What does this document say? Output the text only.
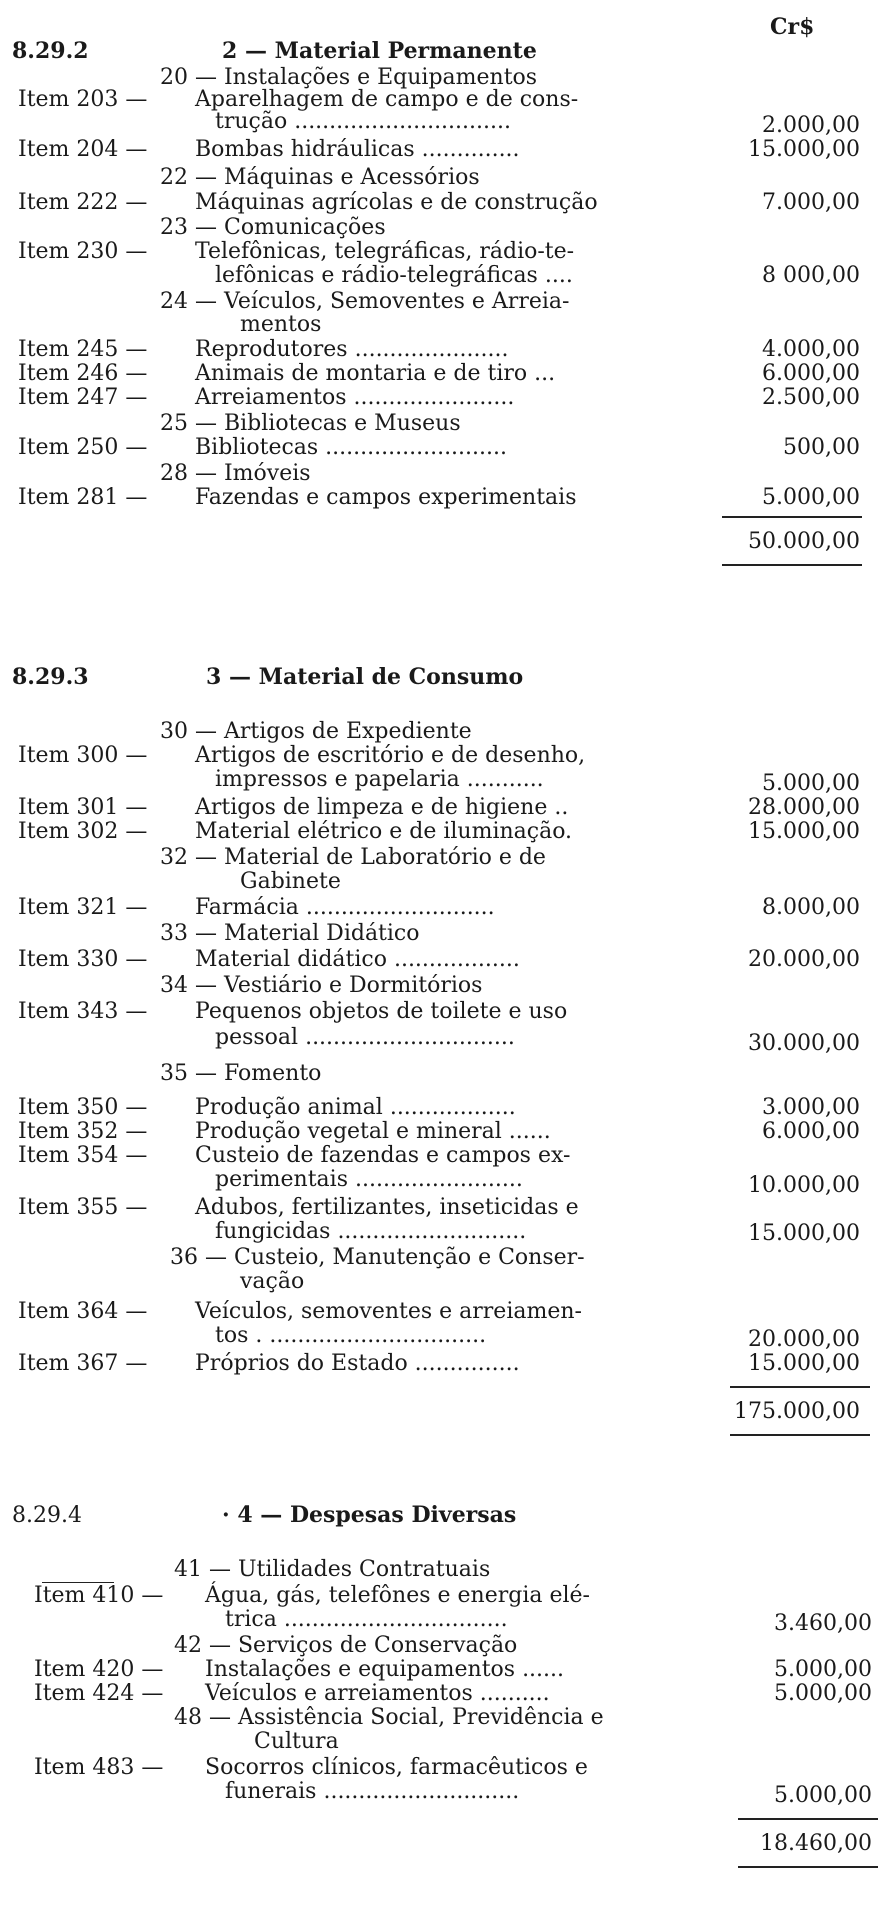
Cr$
8.29.2	2 — Material Permanente
20 — Instalações e Equipamentos
Item 203 — Aparelhagem de campo e de cons-
trução ...............................	2.000,00
Item 204 — Bombas hidráulicas ..............	15.000,00
22 — Máquinas e Acessórios
Item 222 — Máquinas agrícolas e de construção	7.000,00
23 — Comunicações
Item 230 — Telefônicas, telegráficas, rádio-te-
lefônicas e rádio-telegráficas ....	8 000,00
24 — Veículos, Semoventes e Arreia-
mentos
Item 245 — Reprodutores ......................	4.000,00
Item 246 — Animais de montaria e de tiro ...	6.000,00
Item 247 — Arreiamentos .......................	2.500,00
25 — Bibliotecas e Museus
Item 250 — Bibliotecas ..........................	500,00
28 — Imóveis
Item 281 — Fazendas e campos experimentais	5.000,00
50.000,00
8.29.3	3 — Material de Consumo
30 — Artigos de Expediente
Item 300 — Artigos de escritório e de desenho,
impressos e papelaria ...........	5.000,00
Item 301 — Artigos de limpeza e de higiene ..	28.000,00
Item 302 — Material elétrico e de iluminação.	15.000,00
32 — Material de Laboratório e de
Gabinete
Item 321 — Farmácia ...........................	8.000,00
33 — Material Didático
Item 330 — Material didático ..................	20.000,00
34 — Vestiário e Dormitórios
Item 343 — Pequenos objetos de toilete e uso
pessoal ..............................	30.000,00
35 — Fomento
Item 350 — Produção animal ..................	3.000,00
Item 352 — Produção vegetal e mineral ......	6.000,00
Item 354 — Custeio de fazendas e campos ex-
perimentais ........................	10.000,00
Item 355 — Adubos, fertilizantes, inseticidas e
fungicidas ...........................	15.000,00
36 — Custeio, Manutenção e Conser-
vação
Item 364 — Veículos, semoventes e arreiamen-
tos . ...............................	20.000,00
Item 367 — Próprios do Estado ...............	15.000,00
175.000,00
8.29.4	· 4 — Despesas Diversas
41 — Utilidades Contratuais
Item 410 — Água, gás, telefônes e energia elé-
trica ................................	3.460,00
42 — Serviços de Conservação
Item 420 — Instalações e equipamentos ......	5.000,00
Item 424 — Veículos e arreiamentos ..........	5.000,00
48 — Assistência Social, Previdência e
Cultura
Item 483 — Socorros clínicos, farmacêuticos e
funerais ............................	5.000,00
18.460,00
